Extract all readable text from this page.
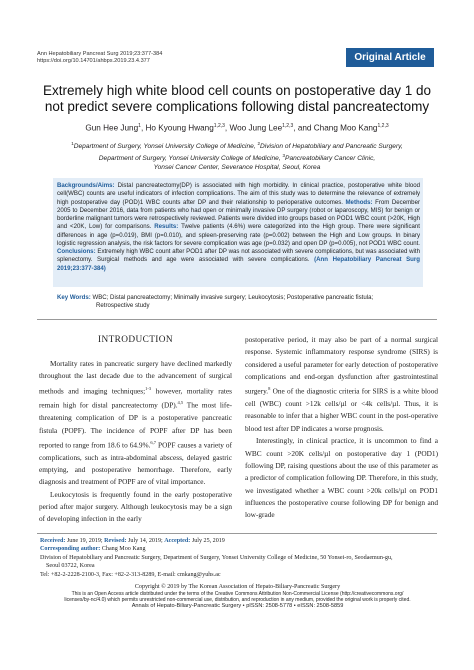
Ann Hepatobiliary Pancreat Surg 2019;23:377-384
https://doi.org/10.14701/ahbps.2019.23.4.377	Original Article
Extremely high white blood cell counts on postoperative day 1 do
not predict severe complications following distal pancreatectomy
Gun Hee Jung$^1$, Ho Kyoung Hwang$^{1,2,3}$, Woo Jung Lee$^{1,2,3}$, and Chang Moo Kang$^{1,2,3}$
$^1$Department of Surgery, Yonsei University College of Medicine, $^2$Division of Hepatobiliary and Pancreatic Surgery,
Department of Surgery, Yonsei University College of Medicine, $^3$Pancreatobiliary Cancer Clinic,
Yonsei Cancer Center, Severance Hospital, Seoul, Korea
Backgrounds/Aims: Distal pancreatectomy(DP) is associated with high morbidity. In clinical practice, postoperative white blood cell(WBC) counts are useful indicators of infection complications. The aim of this study was to determine the relevance of extremely high postoperative day (POD)1 WBC counts after DP and their relationship to perioperative outcomes. Methods: From December 2005 to December 2016, data from patients who had open or minimally invasive DP surgery (robot or laparoscopy, MIS) for benign or borderline malignant tumors were retrospectively reviewed. Patients were divided into groups based on POD1 WBC count (>20K, High and <20K, Low) for comparisons. Results: Twelve patients (4.6%) were categorized into the High group. There were significant differences in age (p=0.019), BMI (p=0.010), and spleen-preserving rate (p=0.002) between the High and Low groups. In binary logistic regression analysis, the risk factors for severe complication was age (p=0.032) and open DP (p=0.005), not POD1 WBC count. Conclusions: Extremely high WBC count after POD1 after DP was not associated with severe complications, but was associated with splenectomy. Surgical methods and age were associated with severe complications. (Ann Hepatobiliary Pancreat Surg 2019;23:377-384)
Key Words: WBC; Distal pancreatectomy; Minimally invasive surgery; Leukocytosis; Postoperative pancreatic fistula;
Retrospective study

INTRODUCTION

Mortality rates in pancreatic surgery have declined markedly throughout the last decade due to the advancement of surgical methods and imaging techniques;$^{1-3}$ however, mortality rates remain high for distal pancreatectomy (DP).$^{4,5}$ The most life-threatening complication of DP is a postoperative pancreatic fistula (POPF). The incidence of POPF after DP has been reported to range from 18.6 to 64.9%.$^{6,7}$ POPF causes a variety of complications, such as intra-abdominal abscess, delayed gastric emptying, and postoperative hemorrhage. Therefore, early diagnosis and treatment of POPF are of vital importance.

Leukocytosis is frequently found in the early postoperative period after major surgery. Although leukocytosis may be a sign of developing infection in the early

postoperative period, it may also be part of a normal surgical response. Systemic inflammatory response syndrome (SIRS) is considered a useful parameter for early detection of postoperative complications and end-organ dysfunction after gastrointestinal surgery.$^8$ One of the diagnostic criteria for SIRS is a white blood cell (WBC) count >12k cells/µl or <4k cells/µl. Thus, it is reasonable to infer that a higher WBC count in the post-operative blood test after DP indicates a worse prognosis.

Interestingly, in clinical practice, it is uncommon to find a WBC count >20K cells/µl on postoperative day 1 (POD1) following DP, raising questions about the use of this parameter as a predictor of complication following DP. Therefore, in this study, we investigated whether a WBC count >20k cells/µl on POD1 influences the postoperative course following DP for benign and low-grade

Received: June 19, 2019; Revised: July 14, 2019; Accepted: July 25, 2019
Corresponding author: Chang Moo Kang
Division of Hepatobiliary and Pancreatic Surgery, Department of Surgery, Yonsei University College of Medicine, 50 Yonsei-ro, Seodaemun-gu,
Seoul 03722, Korea
Tel: +82-2-2228-2100-3, Fax: +82-2-313-8289, E-mail: cmkang@yuhs.ac
Copyright © 2019 by The Korean Association of Hepato-Biliary-Pancreatic Surgery
This is an Open Access article distributed under the terms of the Creative Commons Attribution Non-Commercial License (http://creativecommons.org/
licenses/by-nc/4.0) which permits unrestricted non-commercial use, distribution, and reproduction in any medium, provided the original work is properly cited.
Annals of Hepato-Biliary-Pancreatic Surgery • pISSN: 2508-5778 • eISSN: 2508-5859
